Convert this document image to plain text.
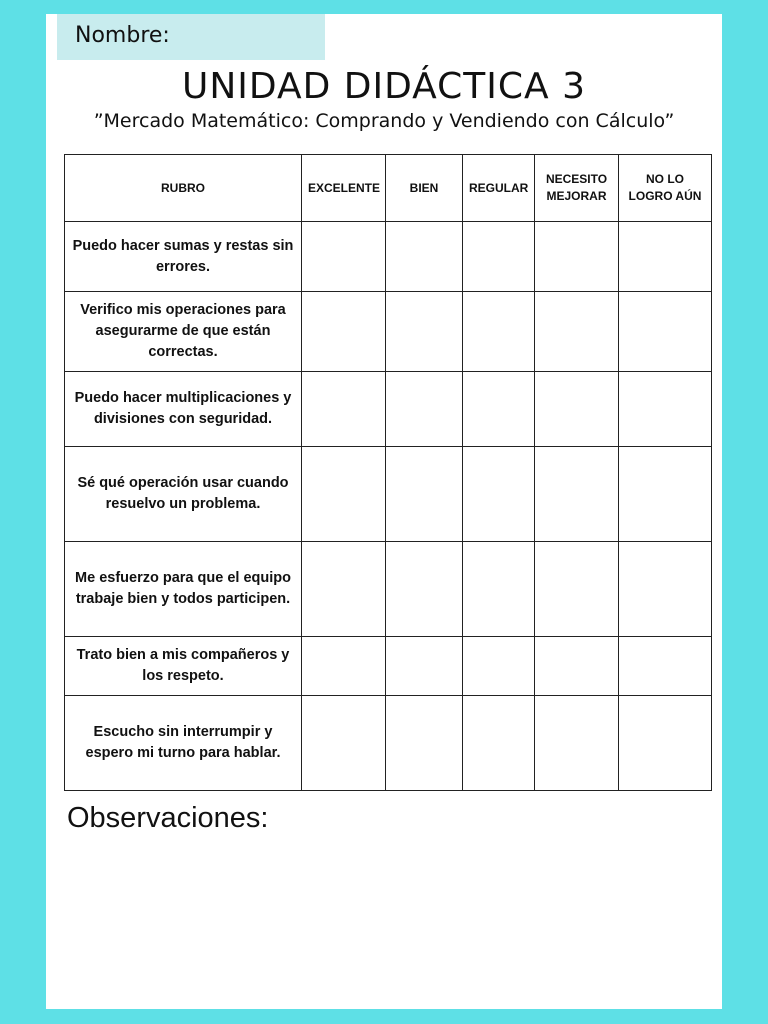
Nombre:
UNIDAD DIDÁCTICA 3
”Mercado Matemático: Comprando y Vendiendo con Cálculo”
RUBRO	EXCELENTE	BIEN	REGULAR	NECESITO MEJORAR	NO LO LOGRO AÚN
Puedo hacer sumas y restas sin errores.					
Verifico mis operaciones para asegurarme de que están correctas.					
Puedo hacer multiplicaciones y divisiones con seguridad.					
Sé qué operación usar cuando resuelvo un problema.					
Me esfuerzo para que el equipo trabaje bien y todos participen.					
Trato bien a mis compañeros y los respeto.					
Escucho sin interrumpir y espero mi turno para hablar.					
Observaciones:
